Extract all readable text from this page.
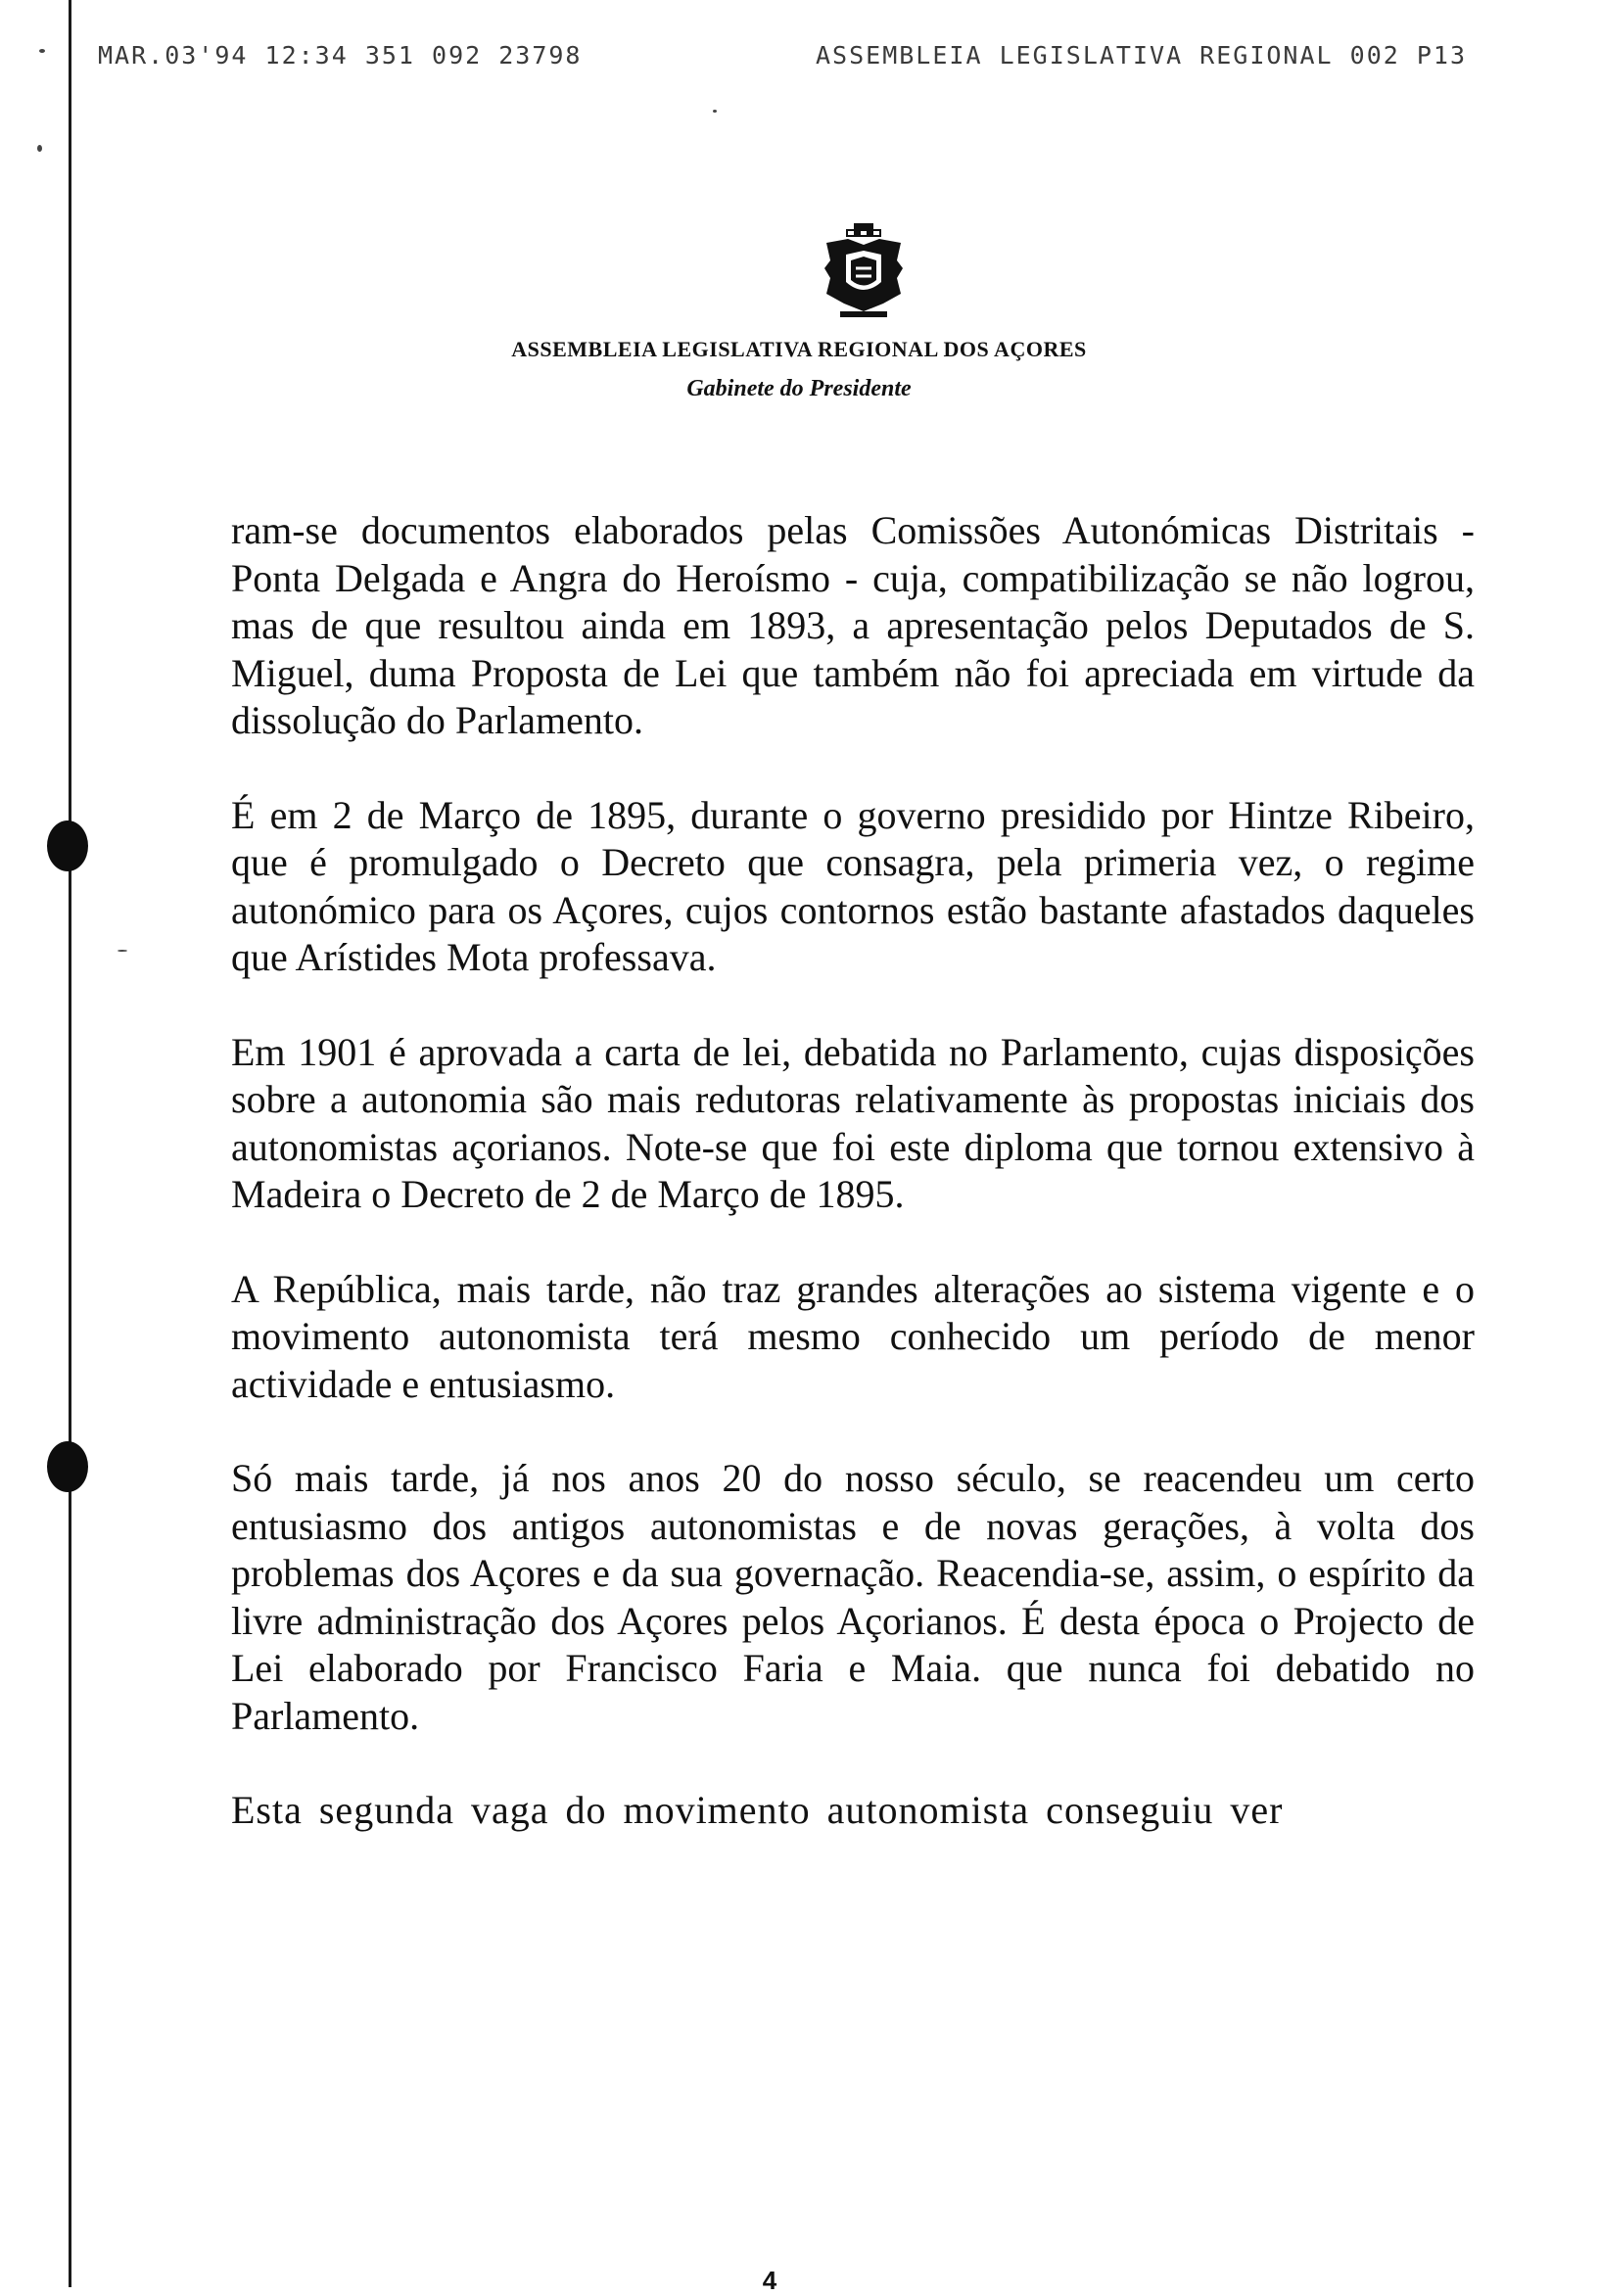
MAR.03'94 12:34 351 092 23798	ASSEMBLEIA LEGISLATIVA REGIONAL 002 P13

ASSEMBLEIA LEGISLATIVA REGIONAL DOS AÇORES

Gabinete do Presidente

ram-se documentos elaborados pelas Comissões Autonómicas Distritais - Ponta Delgada e Angra do Heroísmo - cuja, compatibilização se não logrou, mas de que resultou ainda em 1893, a apresentação pelos Deputados de S. Miguel, duma Proposta de Lei que também não foi apreciada em virtude da dissolução do Parlamento.

É em 2 de Março de 1895, durante o governo presidido por Hintze Ribeiro, que é promulgado o Decreto que consagra, pela primeria vez, o regime autonómico para os Açores, cujos contornos estão bastante afastados daqueles que Arístides Mota professava.

Em 1901 é aprovada a carta de lei, debatida no Parlamento, cujas disposições sobre a autonomia são mais redutoras relativamente às propostas iniciais dos autonomistas açorianos. Note-se que foi este diploma que tornou extensivo à Madeira o Decreto de 2 de Março de 1895.

A República, mais tarde, não traz grandes alterações ao sistema vigente e o movimento autonomista terá mesmo conhecido um período de menor actividade e entusiasmo.

Só mais tarde, já nos anos 20 do nosso século, se reacendeu um certo entusiasmo dos antigos autonomistas e de novas gerações, à volta dos problemas dos Açores e da sua governação. Reacendia-se, assim, o espírito da livre administração dos Açores pelos Açorianos. É desta época o Projecto de Lei elaborado por Francisco Faria e Maia. que nunca foi debatido no Parlamento.

Esta segunda vaga do movimento autonomista conseguiu ver

4
